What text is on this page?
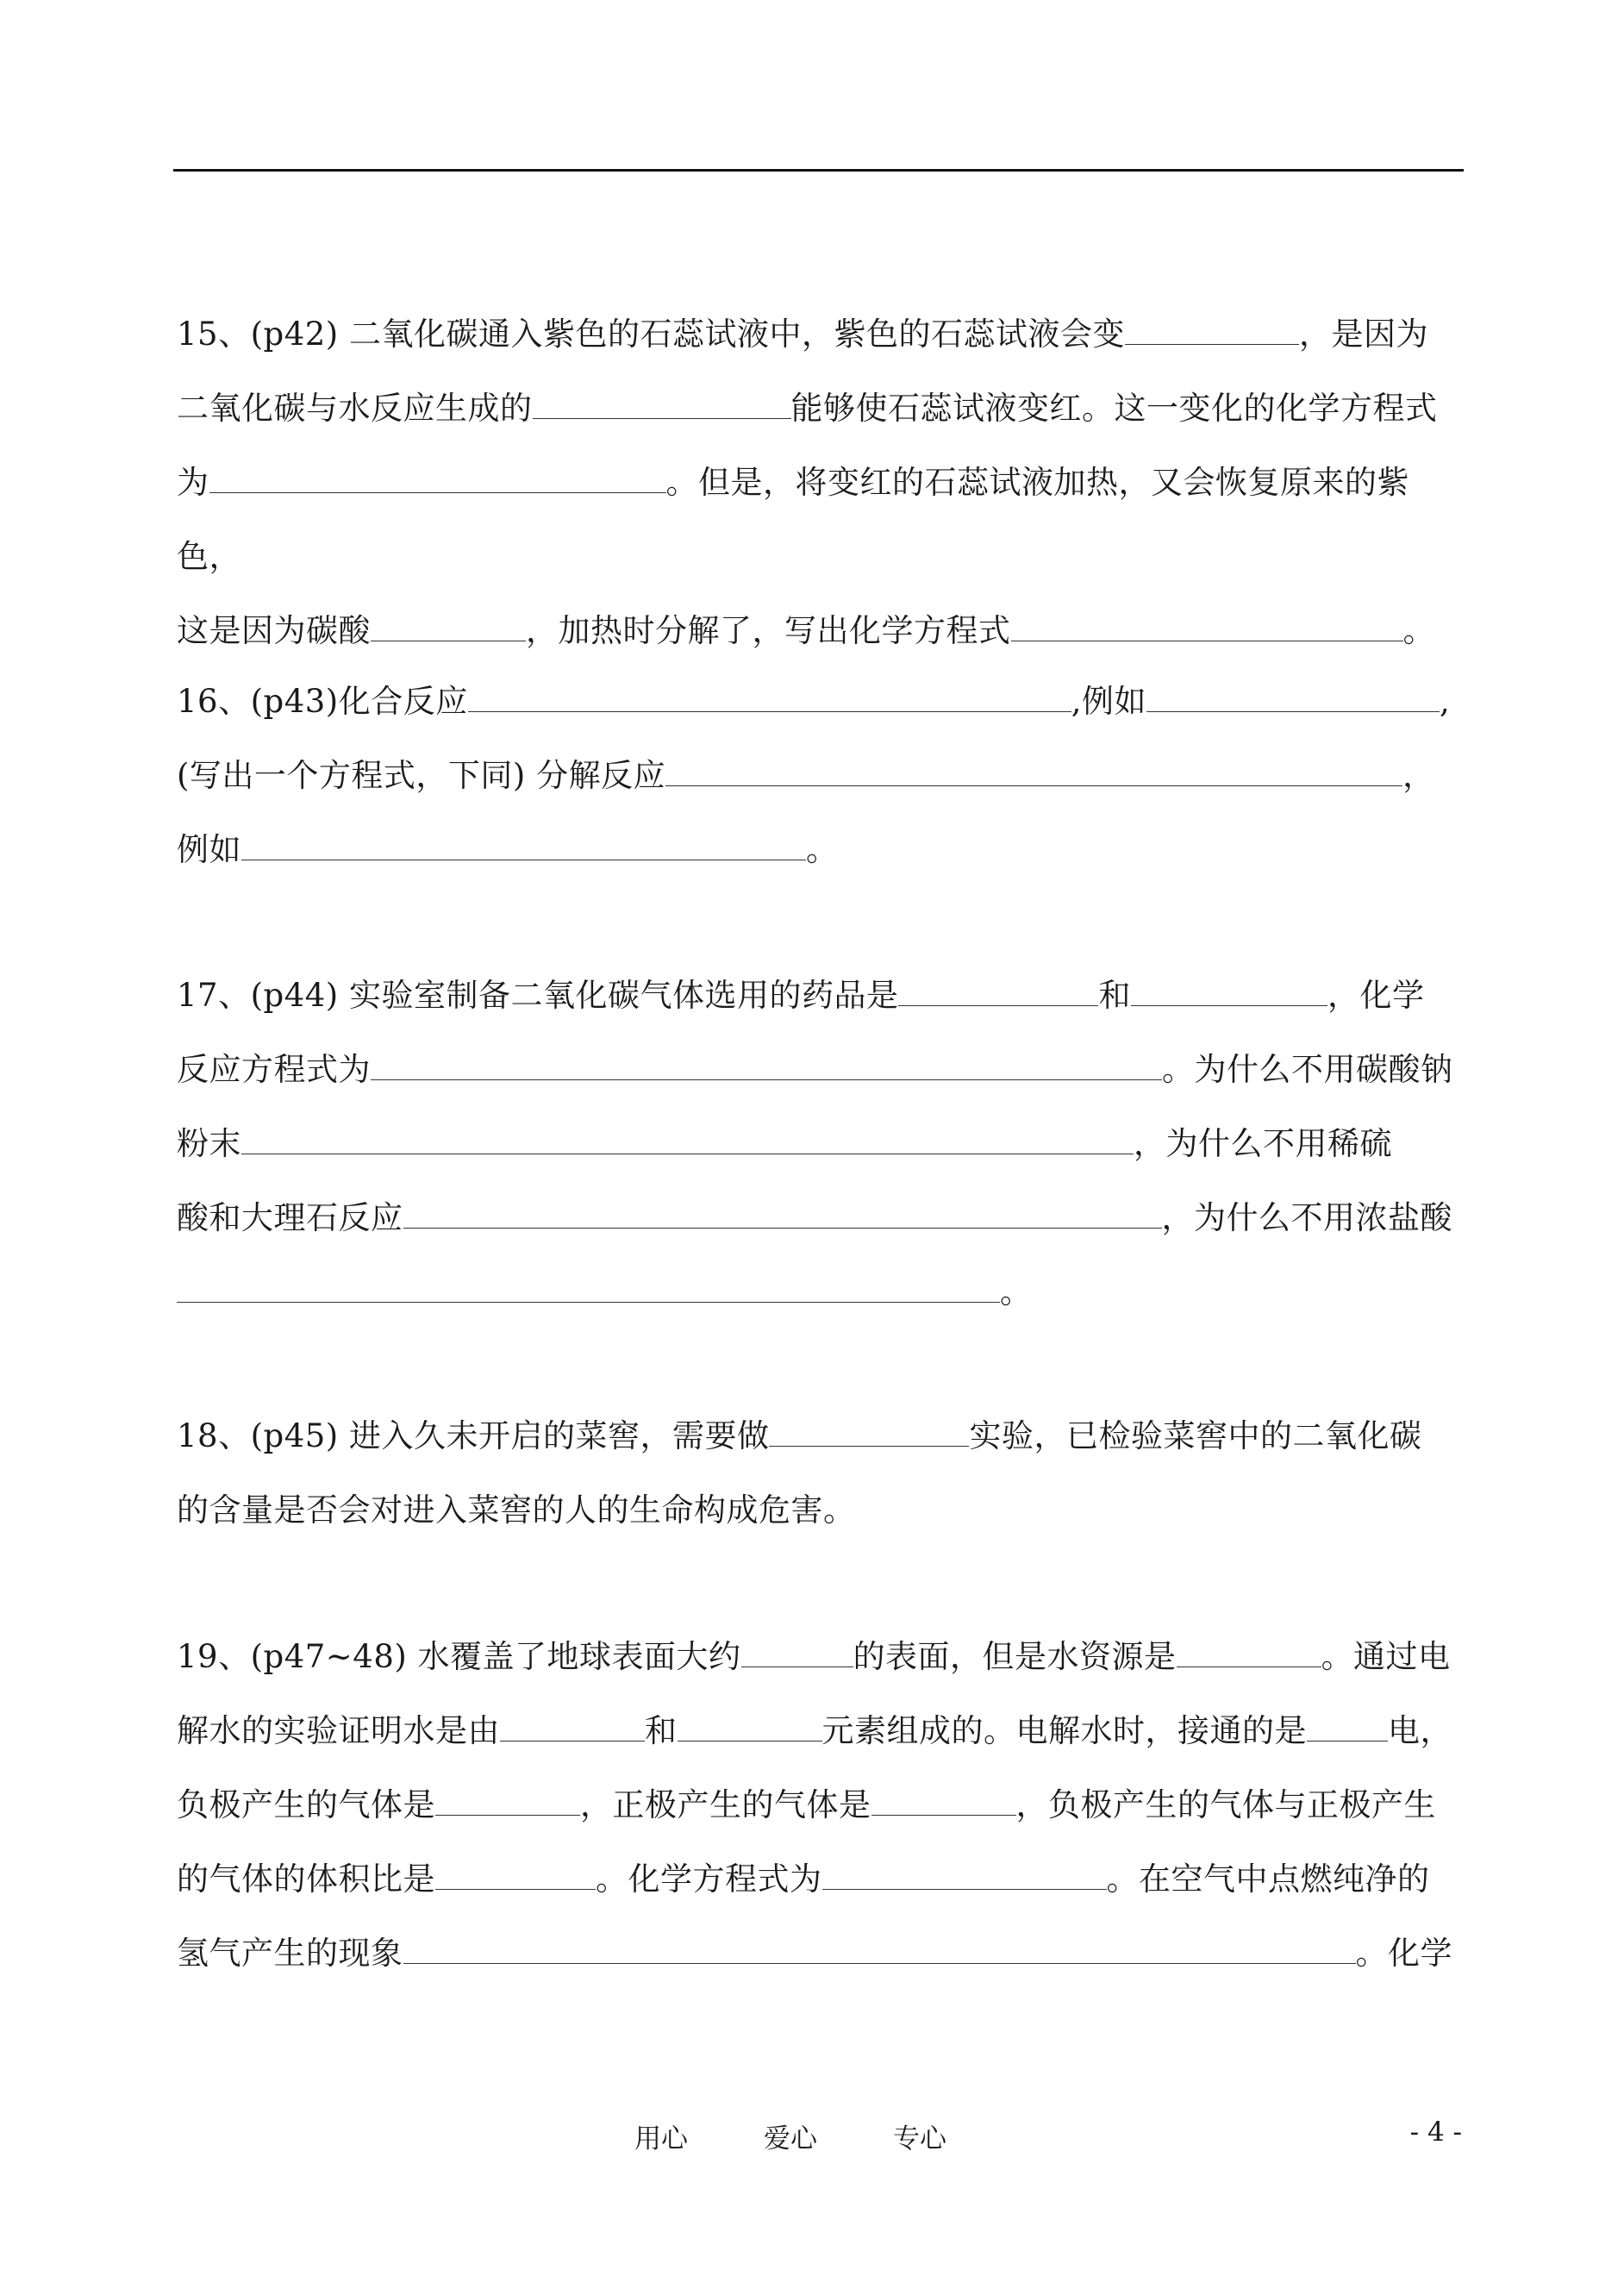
15、(p42) 二氧化碳通入紫色的石蕊试液中，紫色的石蕊试液会变	，是因为
二氧化碳与水反应生成的	能够使石蕊试液变红。这一变化的化学方程式
为	。但是，将变红的石蕊试液加热，又会恢复原来的紫色，
这是因为碳酸	，加热时分解了，写出化学方程式	。
16、(p43)化合反应	,例如	,
(写出一个方程式，下同) 分解反应	，
例如	。
17、(p44) 实验室制备二氧化碳气体选用的药品是	和	，化学
反应方程式为	。为什么不用碳酸钠
粉末	，为什么不用稀硫
酸和大理石反应	，为什么不用浓盐酸
。
18、(p45) 进入久未开启的菜窖，需要做	实验，已检验菜窖中的二氧化碳
的含量是否会对进入菜窖的人的生命构成危害。
19、(p47~48) 水覆盖了地球表面大约	的表面，但是水资源是	。通过电
解水的实验证明水是由	和	元素组成的。电解水时，接通的是	电，
负极产生的气体是	，正极产生的气体是	，负极产生的气体与正极产生
的气体的体积比是	。化学方程式为	。在空气中点燃纯净的
氢气产生的现象	。化学
用心	爱心	专心	- 4 -
